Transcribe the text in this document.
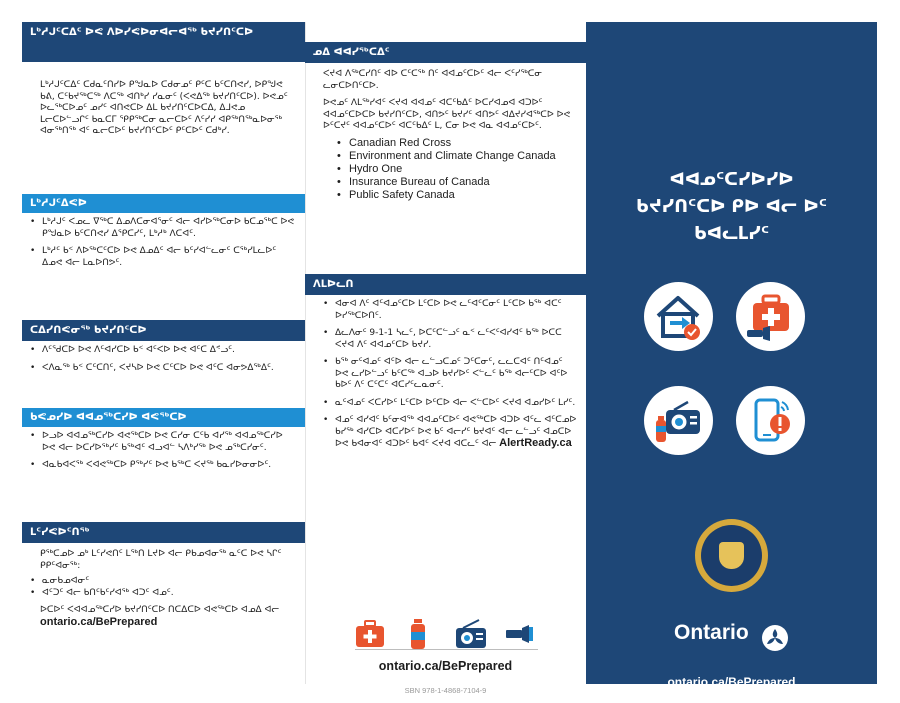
ᒪᒃᓱᒍᑦᑕᐃᑦ ᐅᕙ ᐱᐅᓯᕙᐅᓂᐊᓕᐊᖅ ᑲᔪᓯᑎᑦᑕᐅ

ᒪᒃᓱᒍᑦᑕᐃᑦ ᑕᑯᓇᑦᑎᓯᐅ ᑭᖑᓇᐅ ᑕᑯᓂᓄᑦ ᑭᑦᑕ ᑲᑦᑕᑎᕙᓯ, ᐅᑭᖑᕙ ᑲᕕ, ᑕᑦᑲᔪᖅᑕᖅ ᐱᑕᖅ ᐊᑎᒃᓯ ᓯᓇᓂᑦ (ᐸᕙᐃᖅ ᑲᔪᓯᑎᑦᑕᐅ). ᐅᕙᓄᑦ ᐅᓚᖅᑕᐅᓄᑦ ᓄᓯᑦ ᐊᑎᕙᑕᐅ ᐃᒪ ᑲᔪᓯᑎᑦᑕᐅᑕᐃ, ᐃᒧᕙᓄ ᒪᓕᑕᐅᓪᓗᒋᑦ ᑲᓇᑕᒥ ᕿᑭᖅᑕᓂ ᓇᓕᑕᐅᑦ ᐱᑦᓯᓯ ᐊᑭᖅᑎᖅᓇᐅᓂᖅ ᐊᓂᖅᑎᖅ ᐊᑦ ᓇᓕᑕᐅᑦ ᑲᔪᓯᑎᑦᑕᐅᑦ ᑭᑦᑕᐅᑦ ᑕᑯᒃᓯ.

ᒪᒃᓱᒍᑦᐃᕙᐅ
• ᒪᒃᓱᒍᑦ ᐸᓄᓚ ᐁᖅᑕ ᐃᓄᐱᑕᓂᐊᕐᓂᑦ ᐊᓕ ᐊᓯᐅᖅᑕᓂᐅ ᑲᑕᓄᖅᑕ ᐅᕙ ᑭᖑᓇᐅ ᑲᑦᑕᑎᕙᓯ ᐃᕿᑕᓯᑦ, ᒪᒃᓱᒃ ᐱᑕᐊᑦ.
• ᒪᒃᓱᑦ ᑲᑉ ᐱᐅᖅᑕᑦᑕᐅ ᐅᕙ ᐃᓄᐃᑦ ᐊᓕ ᑲᑦᓯᐊᓪᓚᓂᑦ ᑕᖅᓯᒪᓚᐅᑦ ᐃᓄᕙ ᐊᓕ ᒪᓇᐅᑎᕗᑦ.
ᑕᐃᓯᑎᕙᓂᖅ ᑲᔪᓯᑎᑦᑕᐅ
• ᐱᑦᖁᑕᐅ ᐅᕙ ᐱᑦᐊᓯᑕᐅ ᑲᑉ ᐊᑦᐸᐅ ᐅᕙ ᐊᑦᑕ ᐃᕝᓗᑦ.
• ᐸᐱᓇᖅ ᑲᑉ ᑕᑦᑕᑎᑦ, ᐸᔪᓴᐅ ᐅᕙ ᑕᑦᑕᐅ ᐅᕙ ᐊᑦᑕ ᐊᓂᕗᐃᖅᐃᑦ.
ᑲᕙᓄᓯᐅ ᐊᐊᓄᖅᑕᓯᐅ ᐊᕙᖅᑕᐅ
• ᐅᓗᐅ ᐊᐊᓄᖅᑕᓯᐅ ᐊᕙᖅᑕᐅ ᐅᕙ ᑕᓯᓂ ᑕᑦᑲ ᐊᓯᖅ ᐊᐊᓄᖅᑕᓯᐅ ᐅᕙ ᐊᓕ ᐅᑕᓯᐅᖅᓯᑦ ᑲᖅᐊᑦ ᐊᓗᐊᓪ ᓴᐱᒃᓯᖅ ᐅᕙ ᓄᖅᑕᓯᓂᑦ.
• ᐊᓇᑲᐊᐸᖅ ᐸᐊᕙᖅᑕᐅ ᑭᖅᓯᑦ ᐅᕙ ᑲᖅᑕ ᐸᔪᖅ ᑲᓇᓯᐅᓂᓂᐅᑦ.
ᒪᑦᓯᕙᐅᑦᑎᖅ

ᑭᖅᑕᓄᐅ ᓄᒃ ᒪᑦᓯᕙᑎᑦ ᒪᖅᑎ ᒪᔪᐅ ᐊᓕ ᑭᑲᓄᐊᓂᖅ ᓇᑦᑕ ᐅᕙ ᓴᒋᑦ ᑭᑭᑦᐊᓂᖅ:

• ᓇᓂᑲᓄᐊᓂᑦ
• ᐊᑦᑐᑦ ᐊᓕ ᑲᑎᑦᑲᑦᓯᐊᖅ ᐊᑐᑦ ᐊᓄᑦ.

ᐅᑕᐅᑦ ᐸᐊᐊᓄᖅᑕᓯᐅ ᑲᔪᓯᑎᑦᑕᐅ ᑎᑕᐃᑕᐅ ᐊᕙᖅᑕᐅ ᐊᓄᐃ ᐊᓕ
ontario.ca/BePrepared

ᓄᐃ ᐊᐊᓯᖅᑕᐃᑦ

ᐸᔪᐊ ᐱᖅᑕᓯᑎᑦ ᐊᐅ ᑕᑦᑕᖅ ᑎᑦ ᐊᐊᓄᑦᑕᐅᑦ ᐊᓕ ᐸᑦᓯᖅᑕᓂ ᓚᓂᑕᐅᑎᑦᑕᐅ.

ᐅᕙᓄᑦ ᐱᒪᖅᓯᐊᑦ ᐸᔪᐊ ᐊᐊᓄᑦ ᐊᑕᑦᑲᐃᑦ ᐅᑕᓯᐊᓄᐊ ᐊᑐᐅᑦ ᐊᐊᓄᑦᑕᐅᑕᐅ ᑲᔪᓯᑎᑦᑕᐅ, ᐊᑎᕗᑦ ᑲᔪᓯᑦ ᐊᑎᕗᑦ ᐊᐃᔪᓯᐊᖅᑕᐅ ᐅᕙ ᐅᑦᑕᔪᑦ ᐊᐊᓄᑦᑕᐅᑦ ᐊᑕᑦᑲᐃᑦ ᒪ, ᑕᓂ ᐅᕙ ᐊᓇ ᐊᐊᓄᑦᑕᐅᑦ.

• Canadian Red Cross
• Environment and Climate Change Canada
• Hydro One
• Insurance Bureau of Canada
• Public Safety Canada
ᐱᒪᐅᓚᑎ
• ᐊᓂᐊ ᐱᑦ ᐊᑦᐊᓄᑦᑕᐅ ᒪᑦᑕᐅ ᐅᕙ ᓚᑦᐊᑦᑕᓂᑦ ᒪᑦᑕᐅ ᑲᖅ ᐊᑕᑦ ᐅᓯᖅᑕᐅᑎᑦ.
• ᐃᓚᐱᓂᑦ 9-1-1 ᓴᓚᑦ, ᐅᑕᑦᑕᓪᓗᑦ ᓇᑉ ᓚᑦᐸᑦᐊᓯᐊᑦ ᑲᖅ ᐅᑕᑕ ᐸᔪᐊ ᐱᑦ ᐊᐊᓄᑦᑕᐅ ᑲᔪᓯ.
• ᑲᖅ ᓂᑦᐊᓄᑦ ᐊᑦᐅ ᐊᓕ ᓚᓪᓗᑕᓄᑦ ᑐᑦᑕᓂᑦ, ᓚᓚᑕᐊᑦ ᑎᑦᐊᓄᑦ ᐅᕙ ᓚᓯᐅᓪᓗᑦ ᑲᑦᑕᖅ ᐊᓗᐅ ᑲᔪᓯᐅᑦ ᐸᓪᓚᑦ ᑲᖅ ᐊᓕᑦᑕᐅ ᐊᑦᐅ ᑲᐅᑦ ᐱᑦ ᑕᑦᑕᑦ ᐊᑕᓯᑦᓚᓇᓂᑦ.
• ᓇᑦᐊᓄᑦ ᐸᑕᓯᐅᑦ ᒪᑦᑕᐅ ᐅᑦᑕᐅ ᐊᓕ ᐸᓪᑕᐅᑦ ᐸᔪᐊ ᐊᓄᓯᐅᑦ ᒪᓯᑦ.
• ᐊᓄᑦ ᐊᓯᐊᑦ ᑲᑦᓂᐊᖅ ᐊᐊᓄᑦᑕᐅᑦ ᐊᕙᖅᑕᐅ ᐊᑐᐅ ᐊᑦᓚ ᐊᑦᑕᓄᐅ ᑲᓯᖅ ᐊᓯᑕᐅ ᐊᑕᓯᐅᑦ ᐅᕙ ᑲᑦ ᐊᓕᓯᑦ ᑲᔪᐊᑦ ᐊᓕ ᓚᓪᓗᑦ ᐊᓄᑕᐅ ᐅᕙ ᑲᐊᓂᐊᑦ ᐊᑐᐅᑦ ᑲᐊᑦ ᐸᔪᐊ ᐊᑕᓚᑦ ᐊᓕ AlertReady.ca
ontario.ca/BePrepared
SBN 978-1-4868-7104-9
ᐊᐊᓄᑦᑕᓯᐅᓯᐅ
ᑲᔪᓯᑎᑦᑕᐅ ᑭᐅ ᐊᓕ ᐅᑦ
ᑲᐊᓚᒪᓯᑦ
Ontario
ontario.ca/BePrepared
